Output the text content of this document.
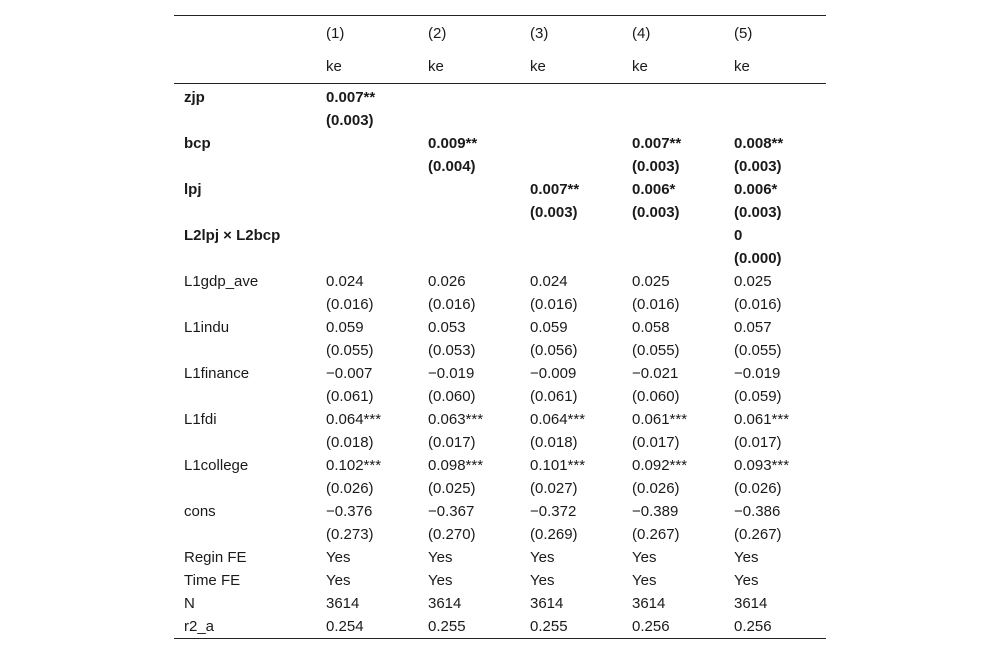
	(1)	(2)	(3)	(4)	(5)
	ke	ke	ke	ke	ke
zjp	0.007**				
	(0.003)				
bcp		0.009**		0.007**	0.008**
		(0.004)		(0.003)	(0.003)
lpj			0.007**	0.006*	0.006*
			(0.003)	(0.003)	(0.003)
L2lpj × L2bcp					0
					(0.000)
L1gdp_ave	0.024	0.026	0.024	0.025	0.025
	(0.016)	(0.016)	(0.016)	(0.016)	(0.016)
L1indu	0.059	0.053	0.059	0.058	0.057
	(0.055)	(0.053)	(0.056)	(0.055)	(0.055)
L1finance	−0.007	−0.019	−0.009	−0.021	−0.019
	(0.061)	(0.060)	(0.061)	(0.060)	(0.059)
L1fdi	0.064***	0.063***	0.064***	0.061***	0.061***
	(0.018)	(0.017)	(0.018)	(0.017)	(0.017)
L1college	0.102***	0.098***	0.101***	0.092***	0.093***
	(0.026)	(0.025)	(0.027)	(0.026)	(0.026)
cons	−0.376	−0.367	−0.372	−0.389	−0.386
	(0.273)	(0.270)	(0.269)	(0.267)	(0.267)
Regin FE	Yes	Yes	Yes	Yes	Yes
Time FE	Yes	Yes	Yes	Yes	Yes
N	3614	3614	3614	3614	3614
r2_a	0.254	0.255	0.255	0.256	0.256
